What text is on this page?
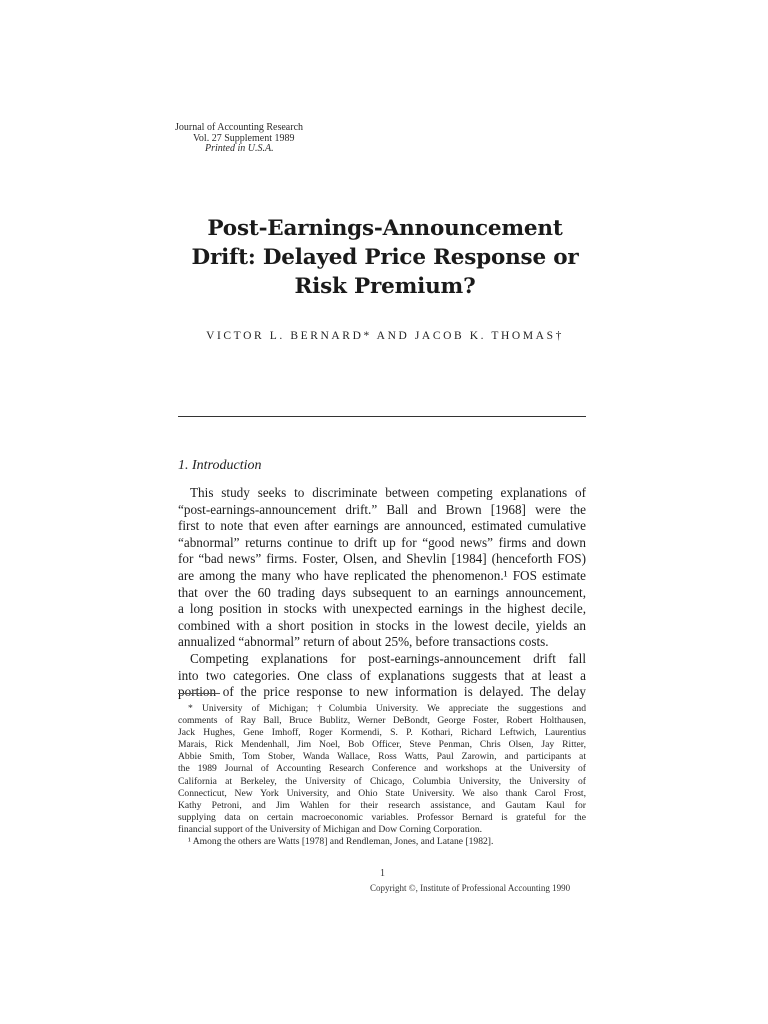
Journal of Accounting Research
Vol. 27 Supplement 1989
Printed in U.S.A.
Post-Earnings-Announcement
Drift: Delayed Price Response or
Risk Premium?
VICTOR L. BERNARD* AND JACOB K. THOMAS†
1. Introduction
This study seeks to discriminate between competing explanations of
“post-earnings-announcement drift.” Ball and Brown [1968] were the
first to note that even after earnings are announced, estimated cumulative
“abnormal” returns continue to drift up for “good news” firms and down
for “bad news” firms. Foster, Olsen, and Shevlin [1984] (henceforth FOS)
are among the many who have replicated the phenomenon.¹ FOS estimate
that over the 60 trading days subsequent to an earnings announcement,
a long position in stocks with unexpected earnings in the highest decile,
combined with a short position in stocks in the lowest decile, yields an
annualized “abnormal” return of about 25%, before transactions costs.
Competing explanations for post-earnings-announcement drift fall
into two categories. One class of explanations suggests that at least a
portion of the price response to new information is delayed. The delay
* University of Michigan; †Columbia University. We appreciate the suggestions and
comments of Ray Ball, Bruce Bublitz, Werner DeBondt, George Foster, Robert Holthausen,
Jack Hughes, Gene Imhoff, Roger Kormendi, S. P. Kothari, Richard Leftwich, Laurentius
Marais, Rick Mendenhall, Jim Noel, Bob Officer, Steve Penman, Chris Olsen, Jay Ritter,
Abbie Smith, Tom Stober, Wanda Wallace, Ross Watts, Paul Zarowin, and participants at
the 1989 Journal of Accounting Research Conference and workshops at the University of
California at Berkeley, the University of Chicago, Columbia University, the University of
Connecticut, New York University, and Ohio State University. We also thank Carol Frost,
Kathy Petroni, and Jim Wahlen for their research assistance, and Gautam Kaul for
supplying data on certain macroeconomic variables. Professor Bernard is grateful for the
financial support of the University of Michigan and Dow Corning Corporation.
¹ Among the others are Watts [1978] and Rendleman, Jones, and Latane [1982].
1
Copyright ©, Institute of Professional Accounting 1990
